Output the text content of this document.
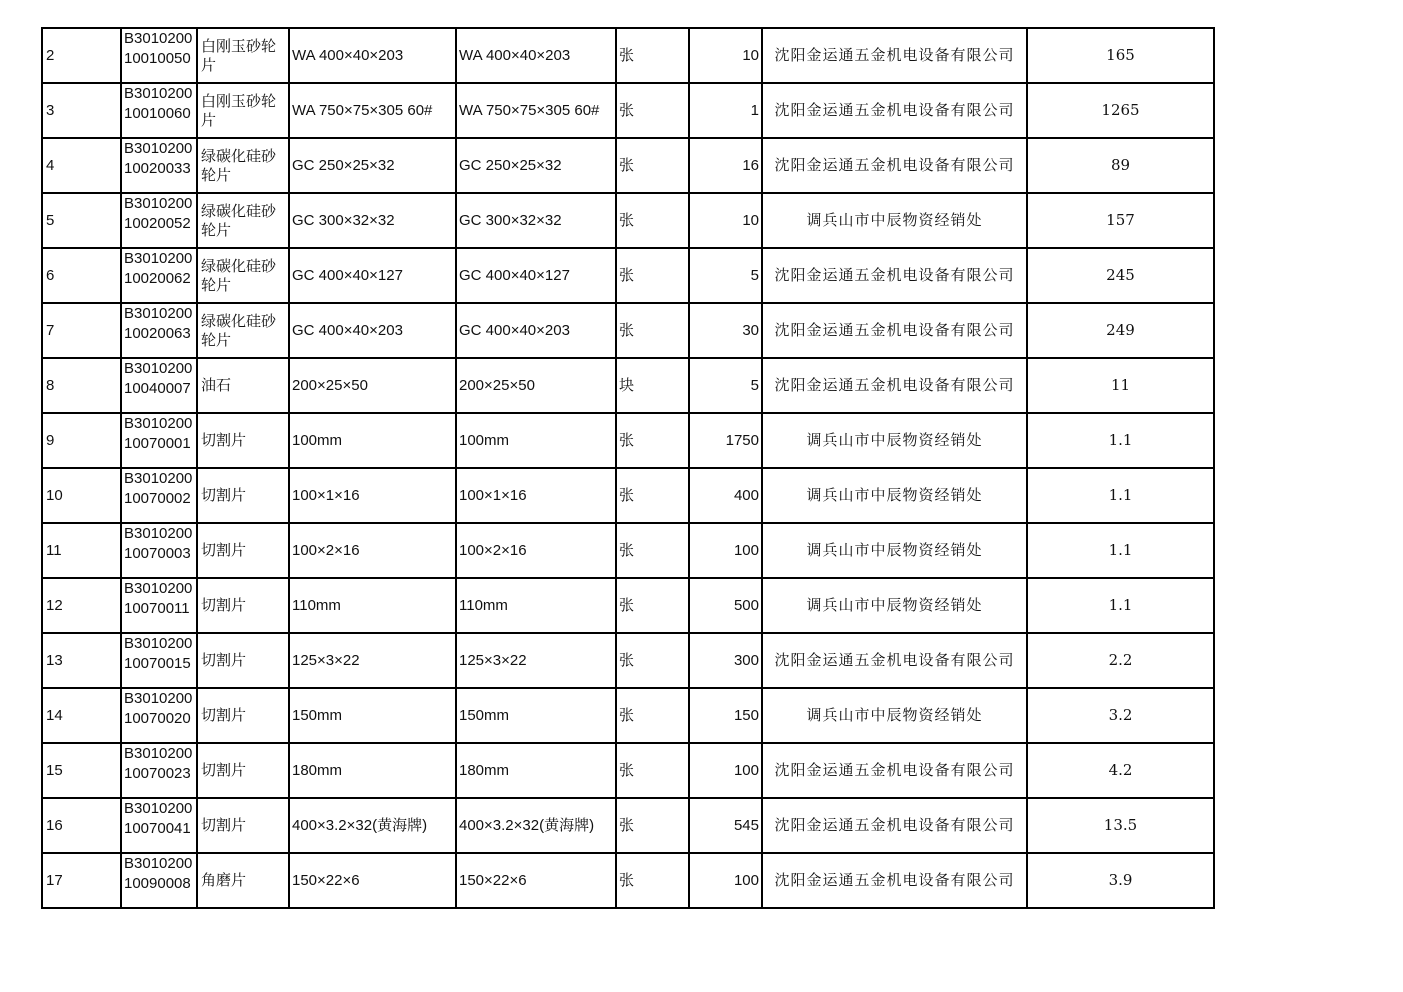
2	B301020010010050	白刚玉砂轮片	WA 400×40×203	WA 400×40×203	张	10	沈阳金运通五金机电设备有限公司	165
3	B301020010010060	白刚玉砂轮片	WA 750×75×305 60#	WA 750×75×305 60#	张	1	沈阳金运通五金机电设备有限公司	1265
4	B301020010020033	绿碳化硅砂轮片	GC 250×25×32	GC 250×25×32	张	16	沈阳金运通五金机电设备有限公司	89
5	B301020010020052	绿碳化硅砂轮片	GC 300×32×32	GC 300×32×32	张	10	调兵山市中辰物资经销处	157
6	B301020010020062	绿碳化硅砂轮片	GC 400×40×127	GC 400×40×127	张	5	沈阳金运通五金机电设备有限公司	245
7	B301020010020063	绿碳化硅砂轮片	GC 400×40×203	GC 400×40×203	张	30	沈阳金运通五金机电设备有限公司	249
8	B301020010040007	油石	200×25×50	200×25×50	块	5	沈阳金运通五金机电设备有限公司	11
9	B301020010070001	切割片	100mm	100mm	张	1750	调兵山市中辰物资经销处	1.1
10	B301020010070002	切割片	100×1×16	100×1×16	张	400	调兵山市中辰物资经销处	1.1
11	B301020010070003	切割片	100×2×16	100×2×16	张	100	调兵山市中辰物资经销处	1.1
12	B301020010070011	切割片	110mm	110mm	张	500	调兵山市中辰物资经销处	1.1
13	B301020010070015	切割片	125×3×22	125×3×22	张	300	沈阳金运通五金机电设备有限公司	2.2
14	B301020010070020	切割片	150mm	150mm	张	150	调兵山市中辰物资经销处	3.2
15	B301020010070023	切割片	180mm	180mm	张	100	沈阳金运通五金机电设备有限公司	4.2
16	B301020010070041	切割片	400×3.2×32(黄海牌)	400×3.2×32(黄海牌)	张	545	沈阳金运通五金机电设备有限公司	13.5
17	B301020010090008	角磨片	150×22×6	150×22×6	张	100	沈阳金运通五金机电设备有限公司	3.9
